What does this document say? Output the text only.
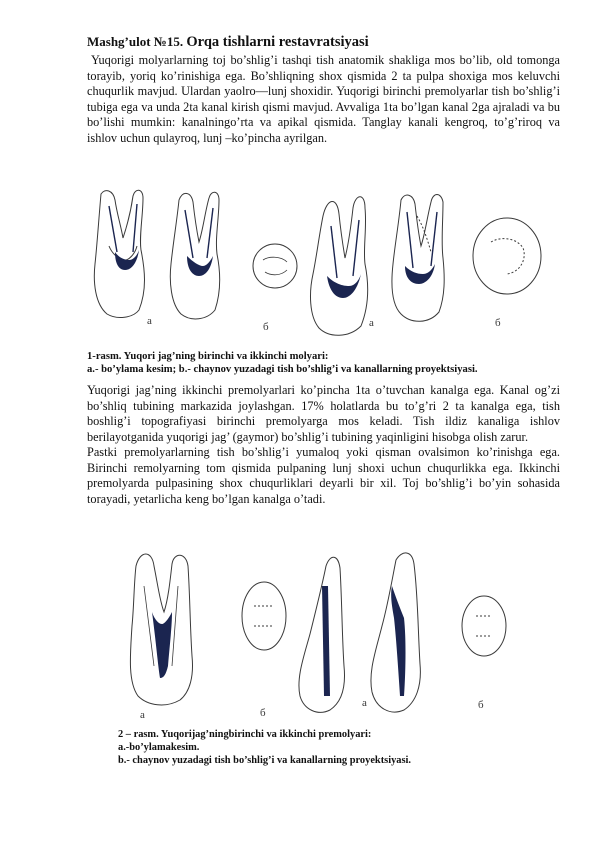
Mashg’ulot №15. Orqa tishlarni restavratsiyasi

Yuqorigi molyarlarning toj bo’shlig’i tashqi tish anatomik shakliga mos bo’lib, old tomonga torayib, yoriq ko’rinishiga ega. Bo’shliqning shox qismida 2 ta pulpa shoxiga mos keluvchi chuqurlik mavjud. Ulardan yaolro—lunj shoxidir. Yuqorigi birinchi premolyarlar tish bo’shlig’i tubiga ega va unda 2ta kanal kirish qismi mavjud. Avvaliga 1ta bo’lgan kanal 2ga ajraladi va bu bo’lishi mumkin: kanalningo’rta va apikal qismida. Tanglay kanali kengroq, to’g’riroq va ishlov uchun qulayroq, lunj –ko’pincha ayrilgan.

a	б	a	б
1-rasm. Yuqori jag’ning birinchi va ikkinchi molyari:
a.- bo’ylama kesim; b.- chaynov yuzadagi tish bo’shlig’i va kanallarning proyektsiyasi.

Yuqorigi jag’ning ikkinchi premolyarlari ko’pincha 1ta o’tuvchan kanalga ega. Kanal og’zi bo’shliq tubining markazida joylashgan. 17% holatlarda bu to’g’ri 2 ta kanalga ega, tish boshlig’i topografiyasi birinchi premolyarga mos keladi. Tish ildiz kanaliga ishlov berilayotganida yuqorigi jag’ (gaymor) bo’shlig’i tubining yaqinligini hisobga olish zarur.

Pastki premolyarlarning tish bo’shlig’i yumaloq yoki qisman ovalsimon ko’rinishga ega. Birinchi remolyarning tom qismida pulpaning lunj shoxi uchun chuqurlikka ega. Ikkinchi premolyarda pulpasining shox chuqurliklari deyarli bir xil. Toj bo’shlig’i bo’yin sohasida torayadi, yetarlicha keng bo’lgan kanalga o’tadi.

a	б
a	б
2 – rasm. Yuqorijag’ningbirinchi va ikkinchi premolyari:
a.-bo’ylamakesim.
b.- chaynov yuzadagi tish bo’shlig’i va kanallarning proyektsiyasi.
